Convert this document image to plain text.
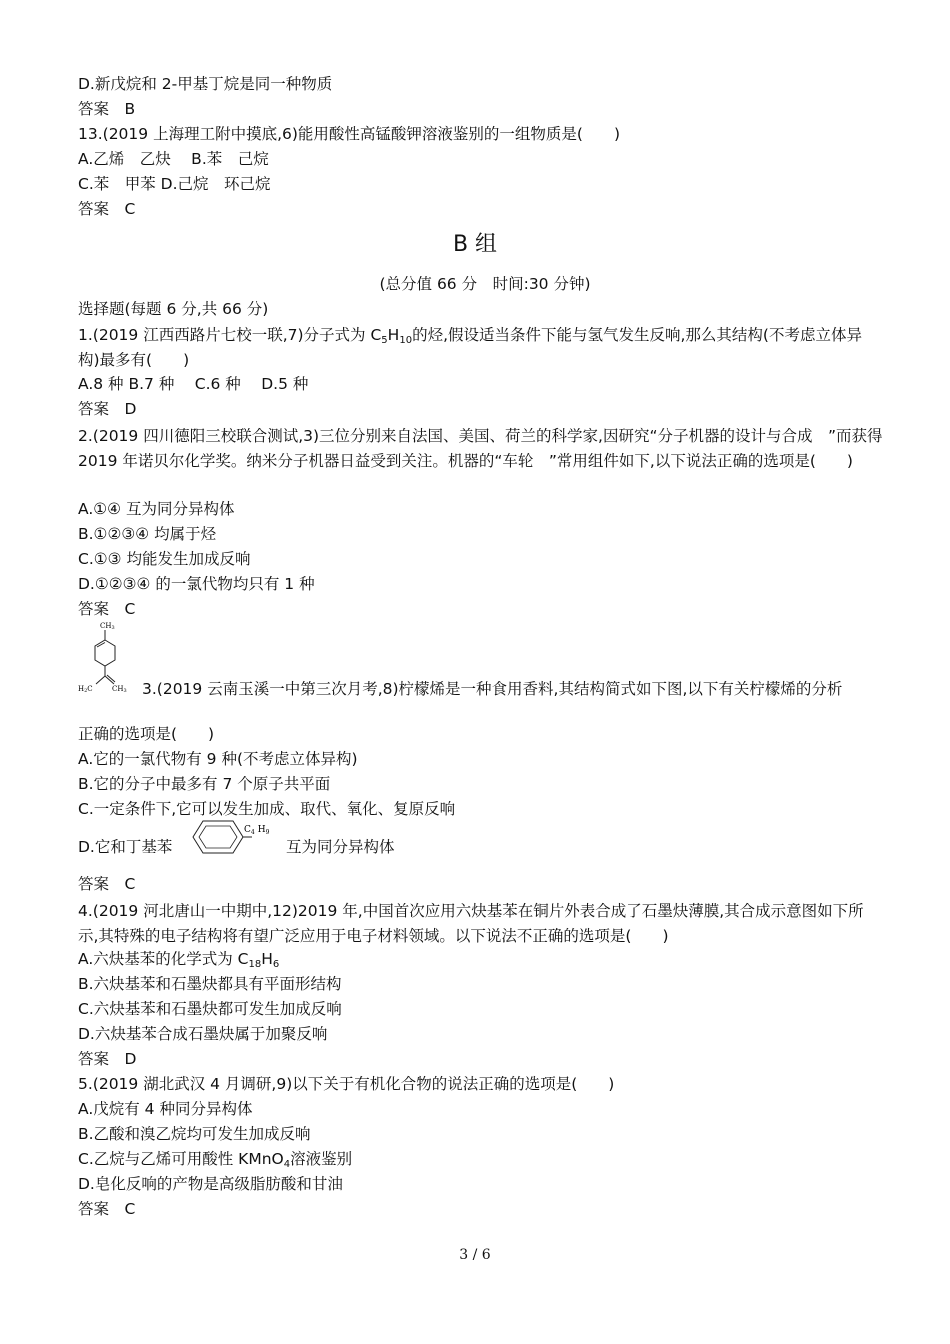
D.新戊烷和 2-甲基丁烷是同一种物质
答案　B
13.(2019 上海理工附中摸底,6)能用酸性高锰酸钾溶液鉴别的一组物质是(　　)
A.乙烯　乙炔　 B.苯　己烷
C.苯　甲苯 D.己烷　环己烷
答案　C
B 组
(总分值 66 分　时间:30 分钟)
选择题(每题 6 分,共 66 分)
1.(2019 江西西路片七校一联,7)分子式为 $C_5H_{10}$的烃,假设适当条件下能与氢气发生反响,那么其结构(不考虑立体异构)最多有(　　)
A.8 种 B.7 种　 C.6 种　 D.5 种
答案　D
2.(2019 四川德阳三校联合测试,3)三位分别来自法国、美国、荷兰的科学家,因研究“分子机器的设计与合成　”而获得 2019 年诺贝尔化学奖。纳米分子机器日益受到关注。机器的“车轮　”常用组件如下,以下说法正确的选项是(　　)
A.①④ 互为同分异构体
B.①②③④ 均属于烃
C.①③ 均能发生加成反响
D.①②③④ 的一氯代物均只有 1 种
答案　C
CH3
H2C	CH3 3.(2019 云南玉溪一中第三次月考,8)柠檬烯是一种食用香料,其结构简式如下图,以下有关柠檬烯的分析
正确的选项是(　　)
A.它的一氯代物有 9 种(不考虑立体异构)
B.它的分子中最多有 7 个原子共平面
C.一定条件下,它可以发生加成、取代、氧化、复原反响
D.它和丁基苯
$C_4$ $H_9$
互为同分异构体
答案　C
4.(2019 河北唐山一中期中,12)2019 年,中国首次应用六炔基苯在铜片外表合成了石墨炔薄膜,其合成示意图如下所示,其特殊的电子结构将有望广泛应用于电子材料领域。以下说法不正确的选项是(　　)
A.六炔基苯的化学式为 $C_{18}H_6$
B.六炔基苯和石墨炔都具有平面形结构
C.六炔基苯和石墨炔都可发生加成反响
D.六炔基苯合成石墨炔属于加聚反响
答案　D
5.(2019 湖北武汉 4 月调研,9)以下关于有机化合物的说法正确的选项是(　　)
A.戊烷有 4 种同分异构体
B.乙酸和溴乙烷均可发生加成反响
C.乙烷与乙烯可用酸性 KMnO$_4$溶液鉴别
D.皂化反响的产物是高级脂肪酸和甘油
答案　C
3 / 6
